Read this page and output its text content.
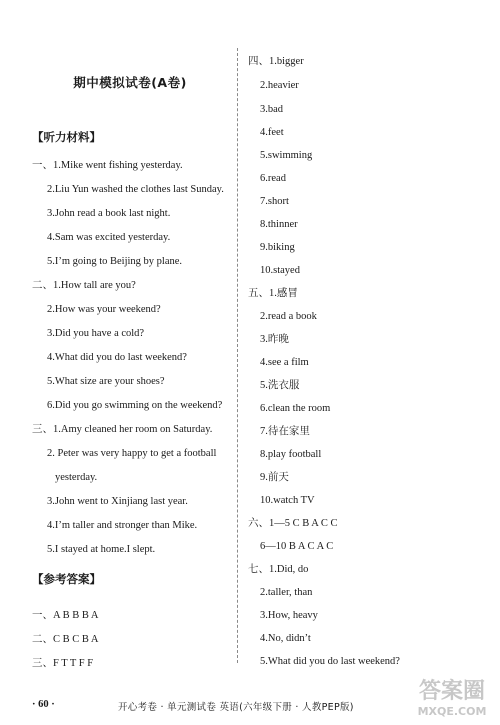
期中模拟试卷(A卷)
【听力材料】
【参考答案】
一、1.Mike went fishing yesterday.
2.Liu Yun washed the clothes last Sunday.
3.John read a book last night.
4.Sam was excited yesterday.
5.I’m going to Beijing by plane.
二、1.How tall are you?
2.How was your weekend?
3.Did you have a cold?
4.What did you do last weekend?
5.What size are your shoes?
6.Did you go swimming on the weekend?
三、1.Amy cleaned her room on Saturday.
2. Peter was very happy to get a football
yesterday.
3.John went to Xinjiang last year.
4.I’m taller and stronger than Mike.
5.I stayed at home.I slept.
一、A B B B A
二、C B C B A
三、F T T F F
四、1.bigger
2.heavier
3.bad
4.feet
5.swimming
6.read
7.short
8.thinner
9.biking
10.stayed
五、1.感冒
2.read a book
3.昨晚
4.see a film
5.洗衣服
6.clean the room
7.待在家里
8.play football
9.前天
10.watch TV
六、1—5 C B A C C
6—10 B A C A C
七、1.Did, do
2.taller, than
3.How, heavy
4.No, didn’t
5.What did you do last weekend?
· 60 ·	开心考卷 · 单元测试卷 英语(六年级下册 · 人教PEP版)
答案圈
MXQE.COM
